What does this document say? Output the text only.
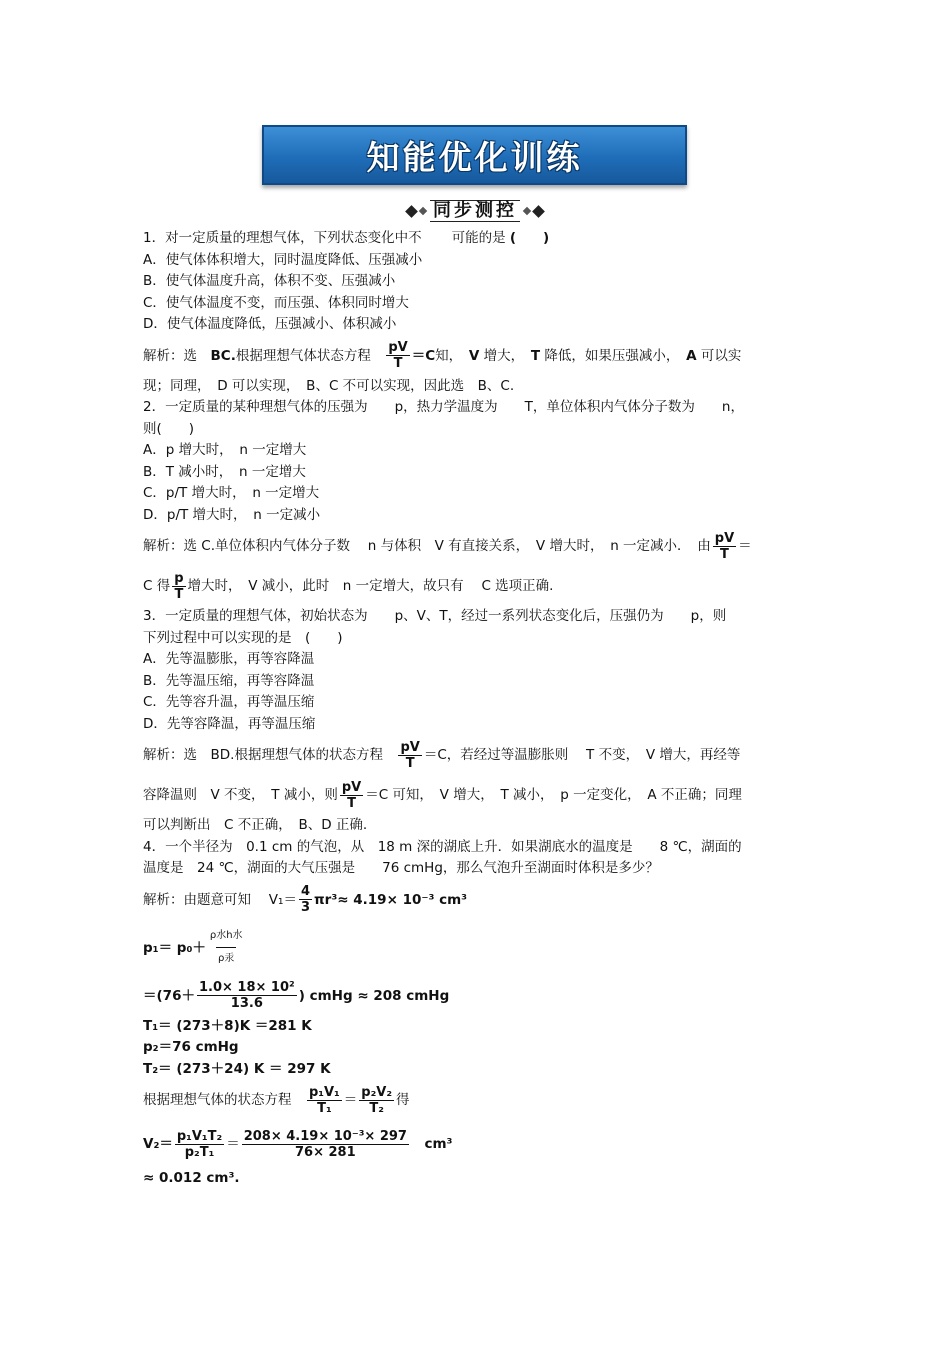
知能优化训练
同步测控
1．对一定质量的理想气体，下列状态变化中不 可能的是 (　　)
A．使气体体积增大，同时温度降低、压强减小
B．使气体温度升高，体积不变、压强减小
C．使气体温度不变，而压强、体积同时增大
D．使气体温度降低，压强减小、体积减小
解析：选　 BC.根据理想气体状态方程　 $\frac{pV}{T} =C$知，　 V 增大，　 T 降低，如果压强减小，　 A 可以实
现；同理，　D 可以实现，　B、C 不可以实现，因此选　B、C.
2．一定质量的某种理想气体的压强为　　p，热力学温度为　　T，单位体积内气体分子数为　　n，
则(　　)
A．p 增大时，　n 一定增大
B．T 减小时，　n 一定增大
C．p/T 增大时，　n 一定增大
D．p/T 增大时，　n 一定减小
解析：选 C.单位体积内气体分子数　 n 与体积　V 有直接关系，　V 增大时，　n 一定减小．　由 $\frac{pV}{T}$ ＝
C 得 $\frac{p}{T}$ 增大时，　V 减小，此时　n 一定增大，故只有　 C 选项正确.
3．一定质量的理想气体，初始状态为　　p、V、T，经过一系列状态变化后，压强仍为　　p，则
下列过程中可以实现的是　(　　)
A．先等温膨胀，再等容降温
B．先等温压缩，再等容降温
C．先等容升温，再等温压缩
D．先等容降温，再等温压缩
解析：选　BD.根据理想气体的状态方程　 $\frac{pV}{T} =C$，若经过等温膨胀则　 T 不变，　V 增大，再经等
容降温则　V 不变，　T 减小，则 $\frac{pV}{T} =C$ 可知，　V 增大，　T 减小，　p 一定变化，　A 不正确；同理
可以判断出　C 不正确，　B、D 正确.
4．一个半径为　0.1 cm 的气泡，从　18 m 深的湖底上升．如果湖底水的温度是　　8 ℃，湖面的
温度是　24 ℃，湖面的大气压强是　　76 cmHg，那么气泡升至湖面时体积是多少？
解析：由题意可知　 $V_1= \frac{4}{3} \pi r^3\approx 4.19\times 10^{-3}$ cm³
$p_1= p_0+ \frac{\text{ρ水h水}}{\text{ρ汞}}$
$=(76+ \frac{\text{1.0× 18× 10²}}{13.6}$ ) cmHg ≈ 208 cmHg
T₁＝ (273＋8)K ＝281 K
p₂＝76 cmHg
T₂＝ (273＋24) K ＝ 297 K
根据理想气体的状态方程　 $\frac{\text{p₁V₁}}{\text{T₁}} = \frac{\text{p₂V₂}}{\text{T₂}}$ 得
$V_2= \frac{\text{p₁V₁T₂}}{\text{p₂T₁}} = \frac{\text{208× 4.19× 10⁻³× 297}}{76\times 281}$
　 cm³
≈ 0.012 cm³.
